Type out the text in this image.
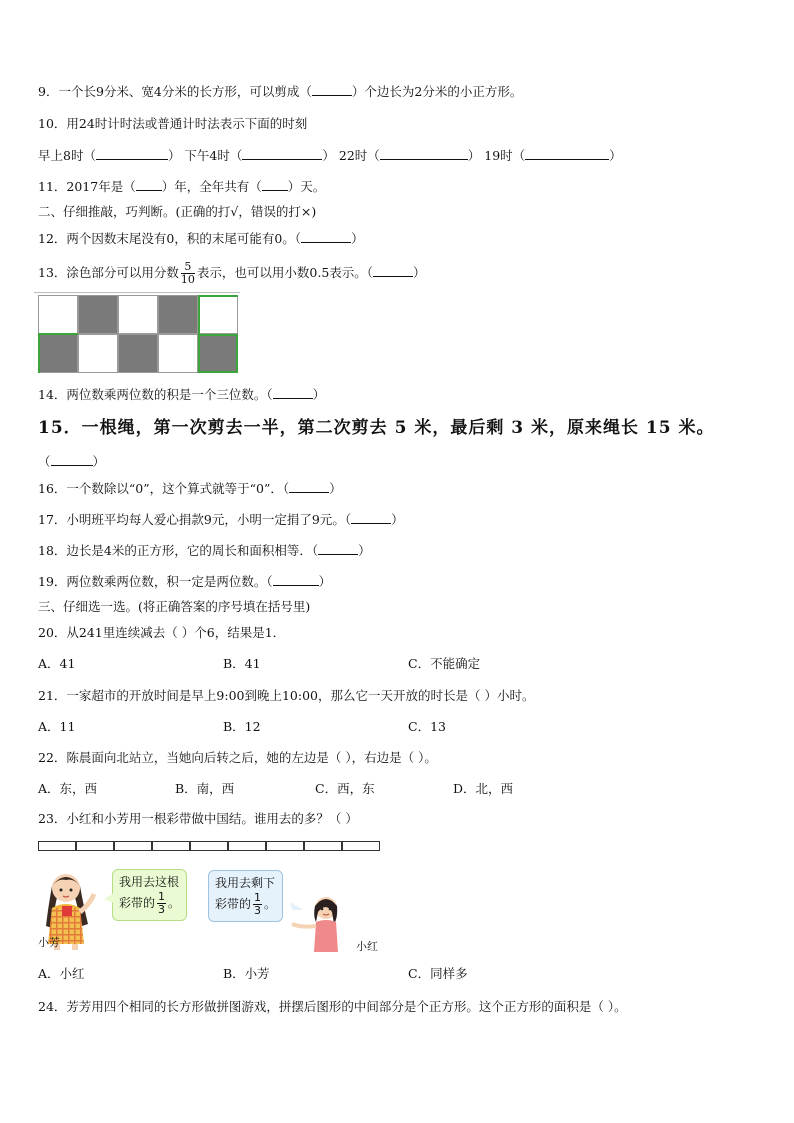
9．一个长9分米、宽4分米的长方形，可以剪成（	）个边长为2分米的小正方形。
10．用24时计时法或普通计时法表示下面的时刻
早上8时（	） 下午4时（	） 22时（	） 19时（	）
11．2017年是（ ）年，全年共有（ ）天。
二、仔细推敲，巧判断。(正确的打√，错误的打×)
12．两个因数末尾没有0，积的末尾可能有0。（	）
13．涂色部分可以用分数 $\frac{5}{10}$ 表示，也可以用小数0.5表示。（	）
14．两位数乘两位数的积是一个三位数。（	）
15．一根绳，第一次剪去一半，第二次剪去 5 米，最后剩 3 米，原来绳长 15 米。
（	）
16．一个数除以“0”，这个算式就等于“0”．（	）
17．小明班平均每人爱心捐款9元，小明一定捐了9元。（	）
18．边长是4米的正方形，它的周长和面积相等．（	）
19．两位数乘两位数，积一定是两位数。（	）
三、仔细选一选。(将正确答案的序号填在括号里)
20．从241里连续减去（ ）个6，结果是1．
A．41	B．41	C．不能确定
21．一家超市的开放时间是早上9:00到晚上10:00，那么它一天开放的时长是（ ）小时。
A．11	B．12	C．13
22．陈晨面向北站立，当她向后转之后，她的左边是（ ），右边是（ ）。
A．东，西	B．南，西	C．西，东	D．北，西
23．小红和小芳用一根彩带做中国结。谁用去的多？（ ）
小芳
我用去这根
彩带的 $\frac{1}{3}$ 。
我用去剩下
彩带的 $\frac{1}{3}$ 。
小红
A．小红	B．小芳	C．同样多
24．芳芳用四个相同的长方形做拼图游戏，拼摆后图形的中间部分是个正方形。这个正方形的面积是（ ）。
